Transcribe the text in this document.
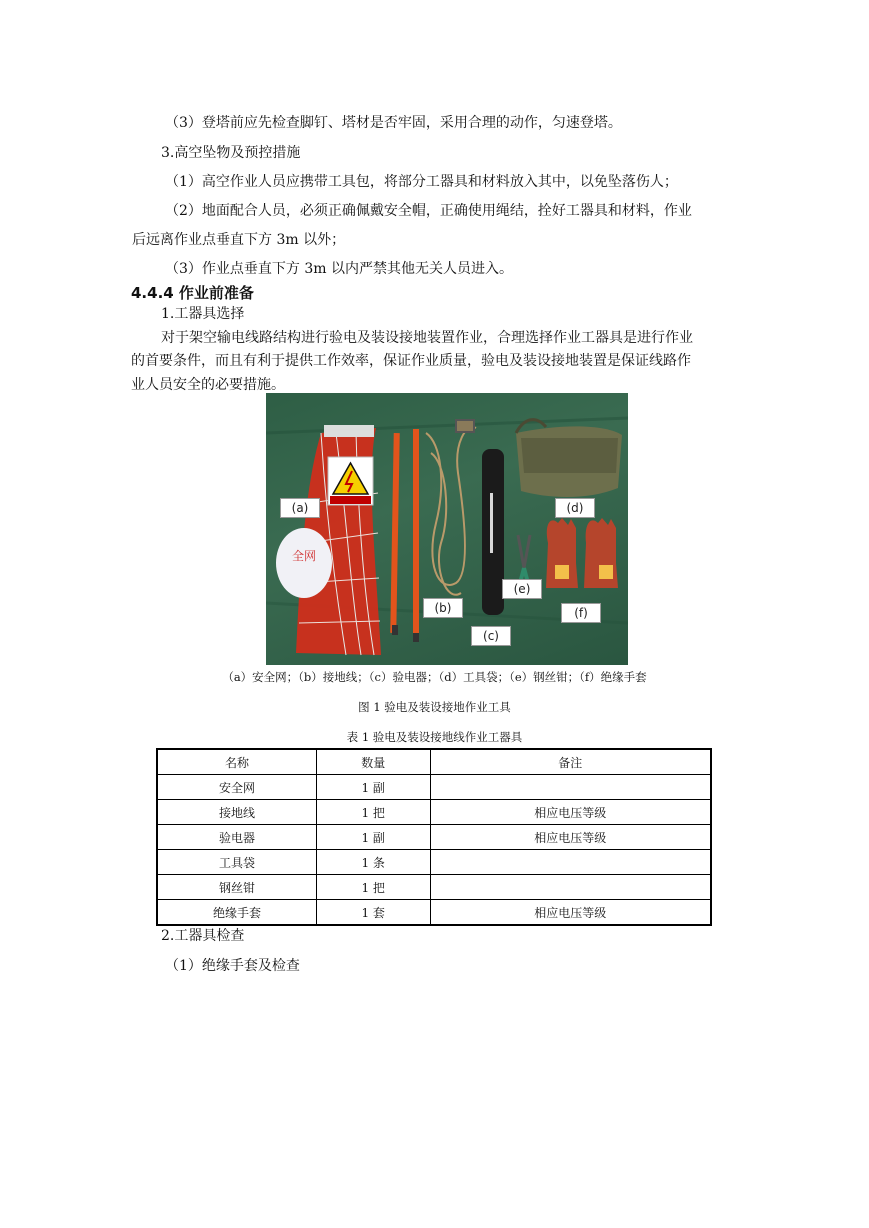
（3）登塔前应先检查脚钉、塔材是否牢固，采用合理的动作，匀速登塔。
3.高空坠物及预控措施
（1）高空作业人员应携带工具包，将部分工器具和材料放入其中，以免坠落伤人；
（2）地面配合人员，必须正确佩戴安全帽，正确使用绳结，拴好工器具和材料，作业
后远离作业点垂直下方 3m 以外；
（3）作业点垂直下方 3m 以内严禁其他无关人员进入。
4.4.4 作业前准备
1.工器具选择
对于架空输电线路结构进行验电及装设接地装置作业，合理选择作业工器具是进行作业
的首要条件，而且有利于提供工作效率，保证作业质量，验电及装设接地装置是保证线路作
业人员安全的必要措施。
全网
(a)
(b)
(c)
(d)
(e)
(f)
（a）安全网；（b）接地线；（c）验电器；（d）工具袋；（e）钢丝钳；（f）绝缘手套
图 1 验电及装设接地作业工具
表 1 验电及装设接地线作业工器具
名称	数量	备注
安全网	1 副	
接地线	1 把	相应电压等级
验电器	1 副	相应电压等级
工具袋	1 条	
钢丝钳	1 把	
绝缘手套	1 套	相应电压等级
2.工器具检查
（1）绝缘手套及检查
